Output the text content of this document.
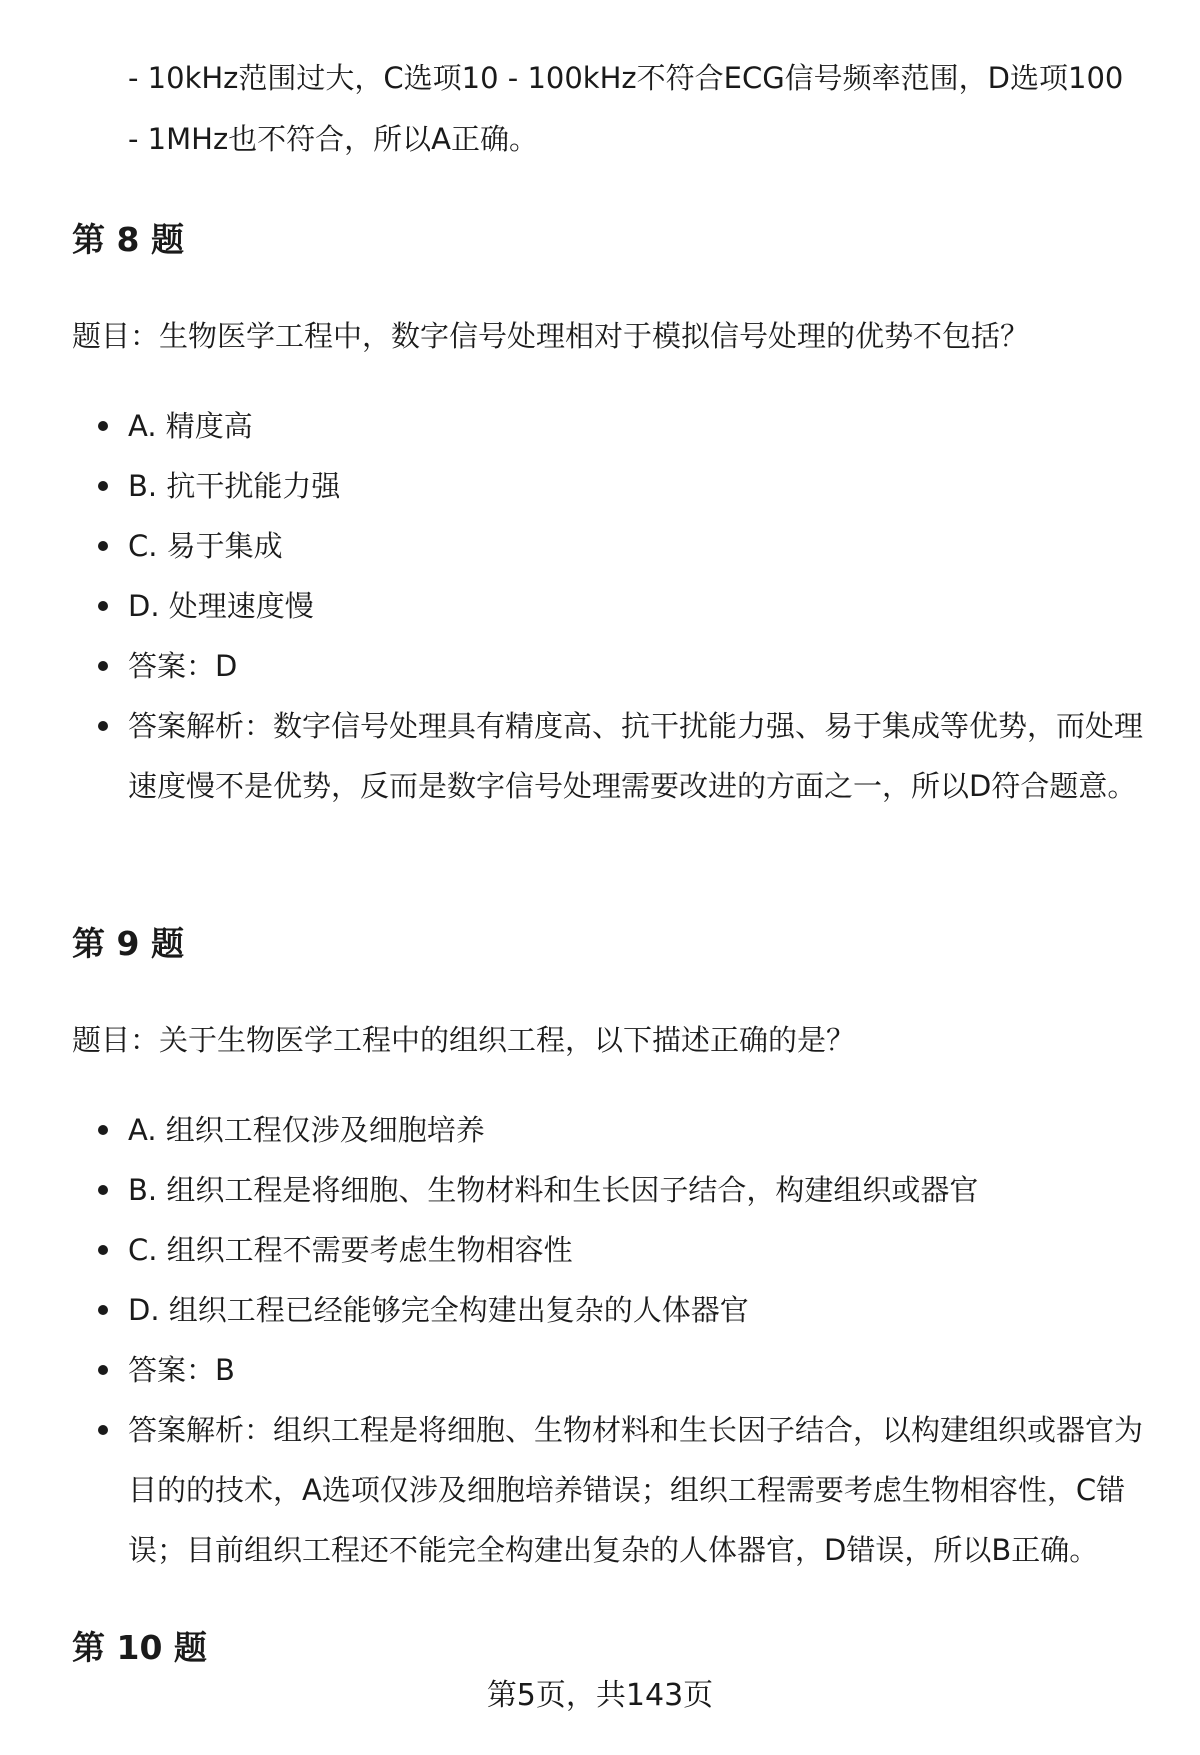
- 10kHz范围过大，C选项10 - 100kHz不符合ECG信号频率范围，D选项100 - 1MHz也不符合，所以A正确。

第 8 题

题目：生物医学工程中，数字信号处理相对于模拟信号处理的优势不包括？

A. 精度高
B. 抗干扰能力强
C. 易于集成
D. 处理速度慢
答案：D
答案解析：数字信号处理具有精度高、抗干扰能力强、易于集成等优势，而处理速度慢不是优势，反而是数字信号处理需要改进的方面之一，所以D符合题意。
第 9 题

题目：关于生物医学工程中的组织工程，以下描述正确的是？

A. 组织工程仅涉及细胞培养
B. 组织工程是将细胞、生物材料和生长因子结合，构建组织或器官
C. 组织工程不需要考虑生物相容性
D. 组织工程已经能够完全构建出复杂的人体器官
答案：B
答案解析：组织工程是将细胞、生物材料和生长因子结合，以构建组织或器官为目的的技术，A选项仅涉及细胞培养错误；组织工程需要考虑生物相容性，C错误；目前组织工程还不能完全构建出复杂的人体器官，D错误，所以B正确。
第 10 题
第5页，共143页
